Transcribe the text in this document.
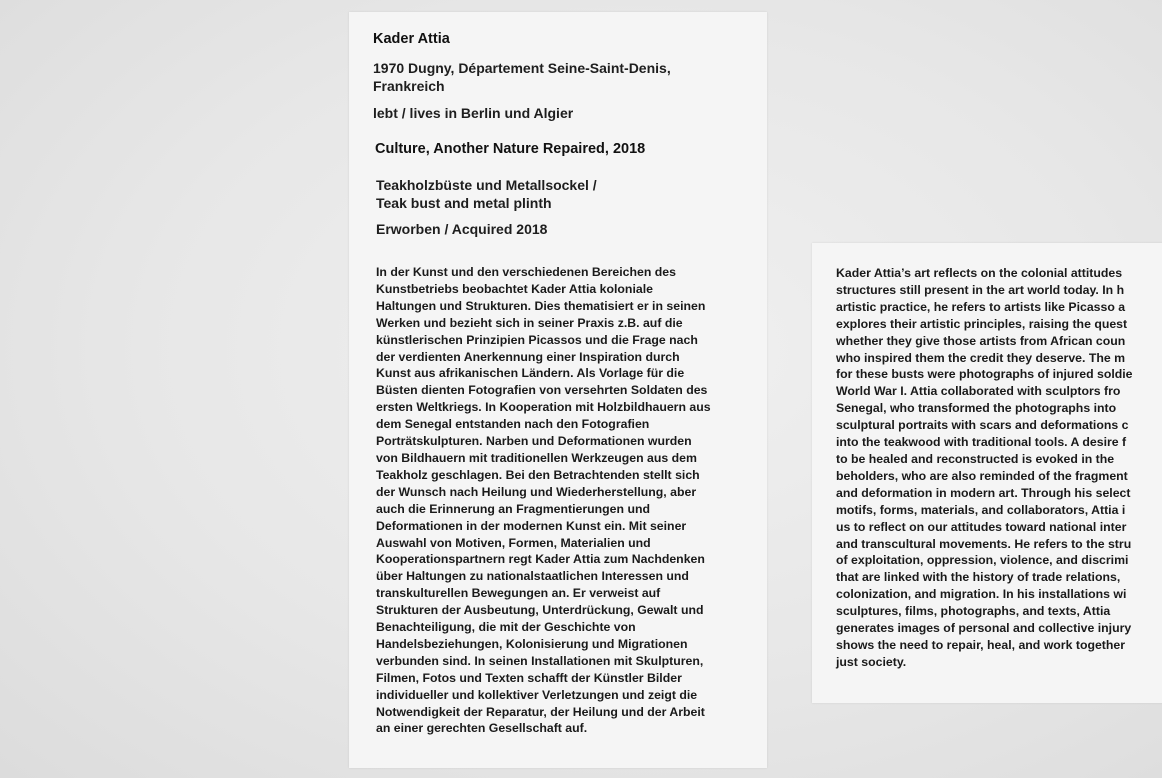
Kader Attia

1970 Dugny, Département Seine-Saint-Denis,

Frankreich

lebt / lives in Berlin und Algier

Culture, Another Nature Repaired, 2018

Teakholzbüste und Metallsockel /

Teak bust and metal plinth

Erworben / Acquired 2018

In der Kunst und den verschiedenen Bereichen des
Kunstbetriebs beobachtet Kader Attia koloniale
Haltungen und Strukturen. Dies thematisiert er in seinen
Werken und bezieht sich in seiner Praxis z.B. auf die
künstlerischen Prinzipien Picassos und die Frage nach
der verdienten Anerkennung einer Inspiration durch
Kunst aus afrikanischen Ländern. Als Vorlage für die
Büsten dienten Fotografien von versehrten Soldaten des
ersten Weltkriegs. In Kooperation mit Holzbildhauern aus
dem Senegal entstanden nach den Fotografien
Porträtskulpturen. Narben und Deformationen wurden
von Bildhauern mit traditionellen Werkzeugen aus dem
Teakholz geschlagen. Bei den Betrachtenden stellt sich
der Wunsch nach Heilung und Wiederherstellung, aber
auch die Erinnerung an Fragmentierungen und
Deformationen in der modernen Kunst ein. Mit seiner
Auswahl von Motiven, Formen, Materialien und
Kooperationspartnern regt Kader Attia zum Nachdenken
über Haltungen zu nationalstaatlichen Interessen und
transkulturellen Bewegungen an. Er verweist auf
Strukturen der Ausbeutung, Unterdrückung, Gewalt und
Benachteiligung, die mit der Geschichte von
Handelsbeziehungen, Kolonisierung und Migrationen
verbunden sind. In seinen Installationen mit Skulpturen,
Filmen, Fotos und Texten schafft der Künstler Bilder
individueller und kollektiver Verletzungen und zeigt die
Notwendigkeit der Reparatur, der Heilung und der Arbeit
an einer gerechten Gesellschaft auf.

Kader Attia’s art reflects on the colonial attitudes
structures still present in the art world today. In h
artistic practice, he refers to artists like Picasso a
explores their artistic principles, raising the quest
whether they give those artists from African coun
who inspired them the credit they deserve. The m
for these busts were photographs of injured soldie
World War I. Attia collaborated with sculptors fro
Senegal, who transformed the photographs into
sculptural portraits with scars and deformations c
into the teakwood with traditional tools. A desire f
to be healed and reconstructed is evoked in the
beholders, who are also reminded of the fragment
and deformation in modern art. Through his select
motifs, forms, materials, and collaborators, Attia i
us to reflect on our attitudes toward national inter
and transcultural movements. He refers to the stru
of exploitation, oppression, violence, and discrimi
that are linked with the history of trade relations,
colonization, and migration. In his installations wi
sculptures, films, photographs, and texts, Attia
generates images of personal and collective injury
shows the need to repair, heal, and work together
just society.
